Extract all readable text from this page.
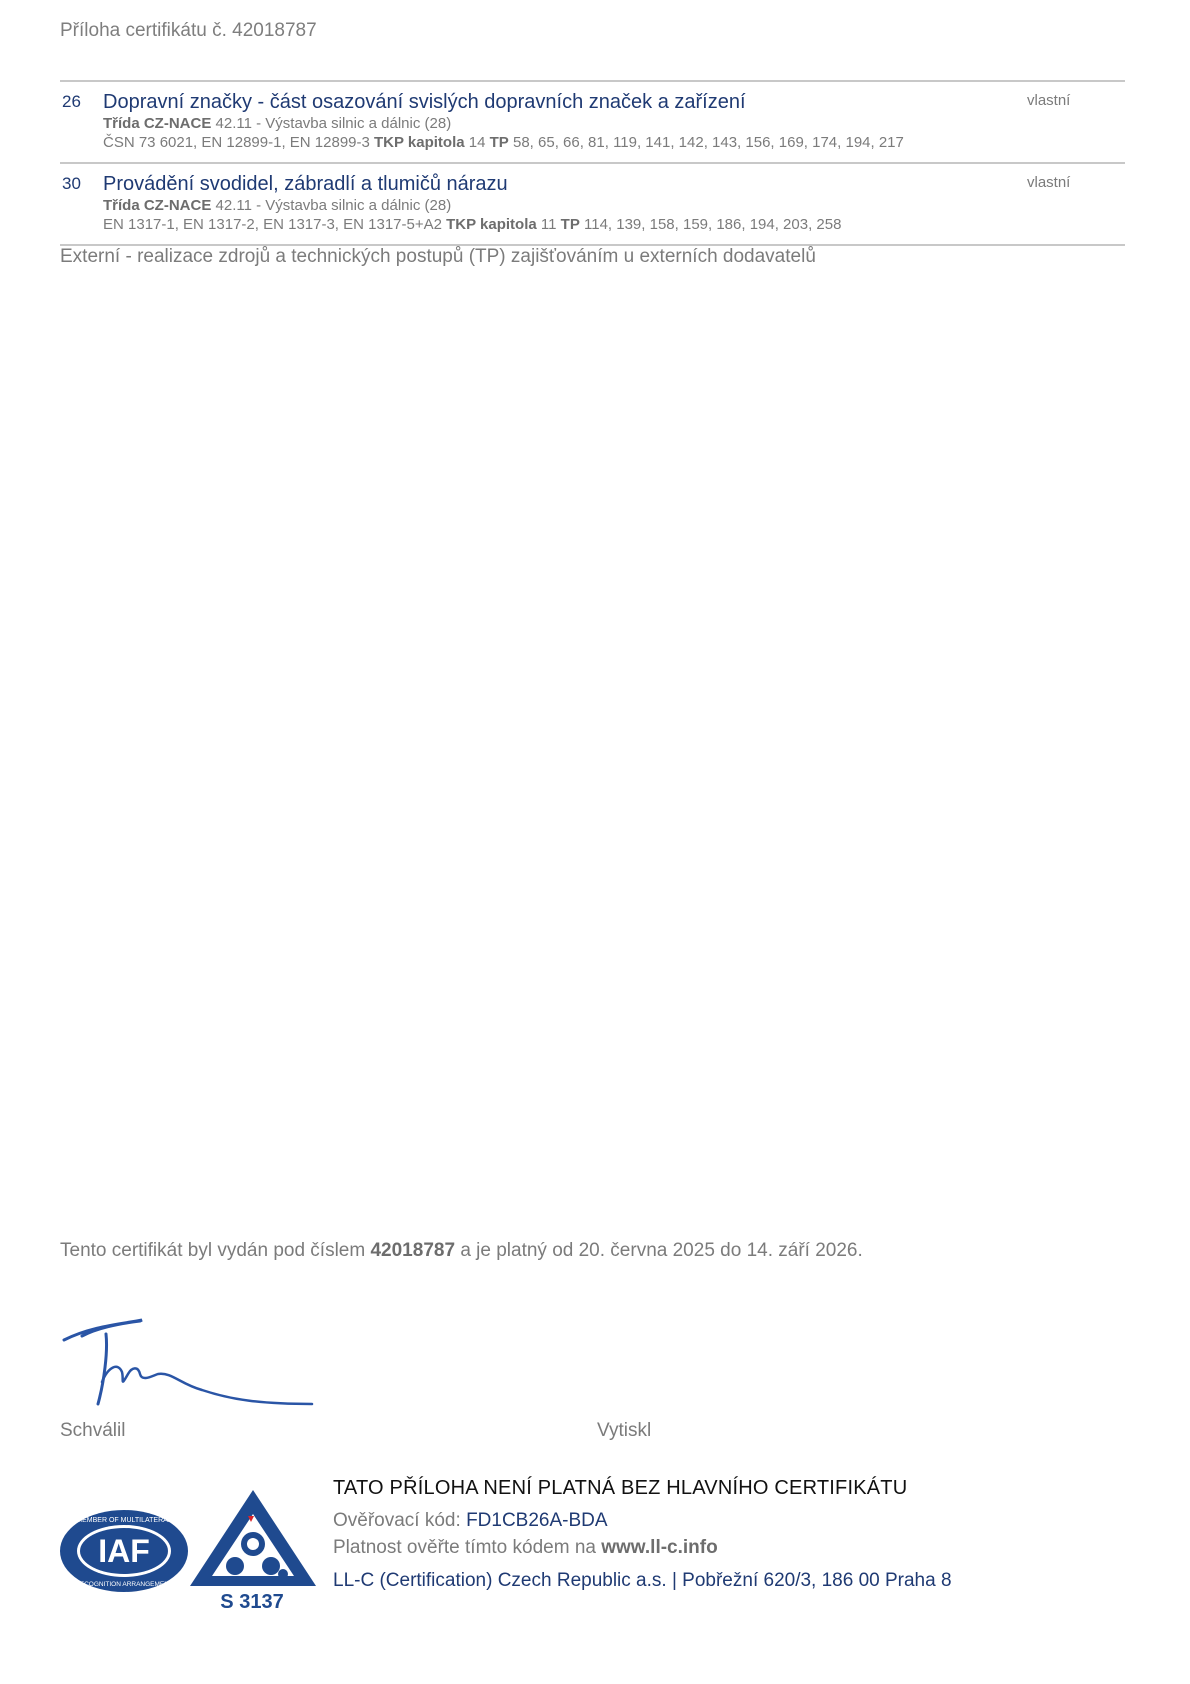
Příloha certifikátu č. 42018787
26 Dopravní značky - část osazování svislých dopravních značek a zařízení
Třída CZ-NACE 42.11 - Výstavba silnic a dálnic (28)
ČSN 73 6021, EN 12899-1, EN 12899-3 TKP kapitola 14 TP 58, 65, 66, 81, 119, 141, 142, 143, 156, 169, 174, 194, 217
vlastní
30 Provádění svodidel, zábradlí a tlumičů nárazu
Třída CZ-NACE 42.11 - Výstavba silnic a dálnic (28)
EN 1317-1, EN 1317-2, EN 1317-3, EN 1317-5+A2 TKP kapitola 11 TP 114, 139, 158, 159, 186, 194, 203, 258
vlastní
Externí - realizace zdrojů a technických postupů (TP) zajišťováním u externích dodavatelů
Tento certifikát byl vydán pod číslem 42018787 a je platný od 20. června 2025 do 14. září 2026.
Schválil	Vytiskl
IAF
MEMBER OF MULTILATERAL
RECOGNITION ARRANGEMENT
S 3137
TATO PŘÍLOHA NENÍ PLATNÁ BEZ HLAVNÍHO CERTIFIKÁTU
Ověřovací kód: FD1CB26A-BDA
Platnost ověřte tímto kódem na www.ll-c.info
LL-C (Certification) Czech Republic a.s. | Pobřežní 620/3, 186 00 Praha 8
